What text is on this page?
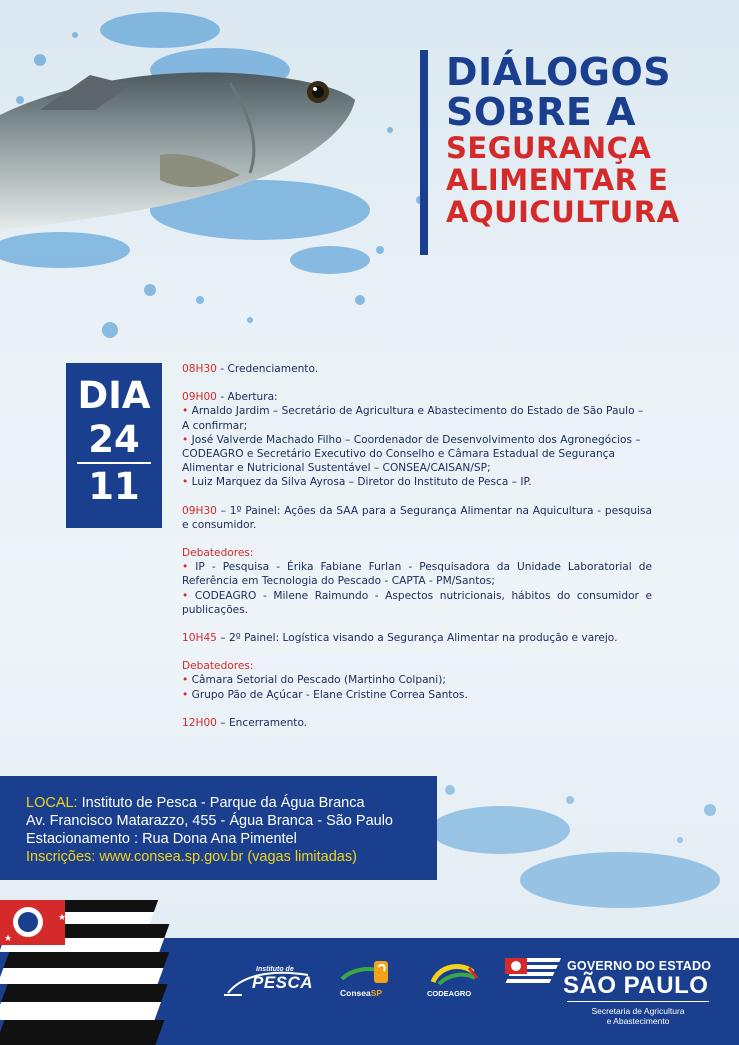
DIÁLOGOS
SOBRE A
SEGURANÇA
ALIMENTAR E
AQUICULTURA
DIA
24
11

08H30 - Credenciamento.

09H00 - Abertura:

• Arnaldo Jardim – Secretário de Agricultura e Abastecimento do Estado de São Paulo – A confirmar;

• José Valverde Machado Filho – Coordenador de Desenvolvimento dos Agronegócios – CODEAGRO e Secretário Executivo do Conselho e Câmara Estadual de Segurança Alimentar e Nutricional Sustentável – CONSEA/CAISAN/SP;

• Luiz Marquez da Silva Ayrosa – Diretor do Instituto de Pesca – IP.

09H30 – 1º Painel: Ações da SAA para a Segurança Alimentar na Aquicultura - pesquisa e consumidor.

Debatedores:

• IP - Pesquisa - Érika Fabiane Furlan - Pesquisadora da Unidade Laboratorial de Referência em Tecnologia do Pescado - CAPTA - PM/Santos;

• CODEAGRO - Milene Raimundo - Aspectos nutricionais, hábitos do consumidor e publicações.

10H45 – 2º Painel: Logística visando a Segurança Alimentar na produção e varejo.

Debatedores:

• Câmara Setorial do Pescado (Martinho Colpani);

• Grupo Pão de Açúcar - Elane Cristine Correa Santos.

12H00 – Encerramento.

LOCAL: Instituto de Pesca - Parque da Água Branca
Av. Francisco Matarazzo, 455 - Água Branca - São Paulo
Estacionamento : Rua Dona Ana Pimentel
Inscrições: www.consea.sp.gov.br (vagas limitadas)
★
★
Instituto de
PESCA
ConseaSP	CODEAGRO
GOVERNO DO ESTADO
SÃO PAULO
Secretaria de Agricultura
e Abastecimento
